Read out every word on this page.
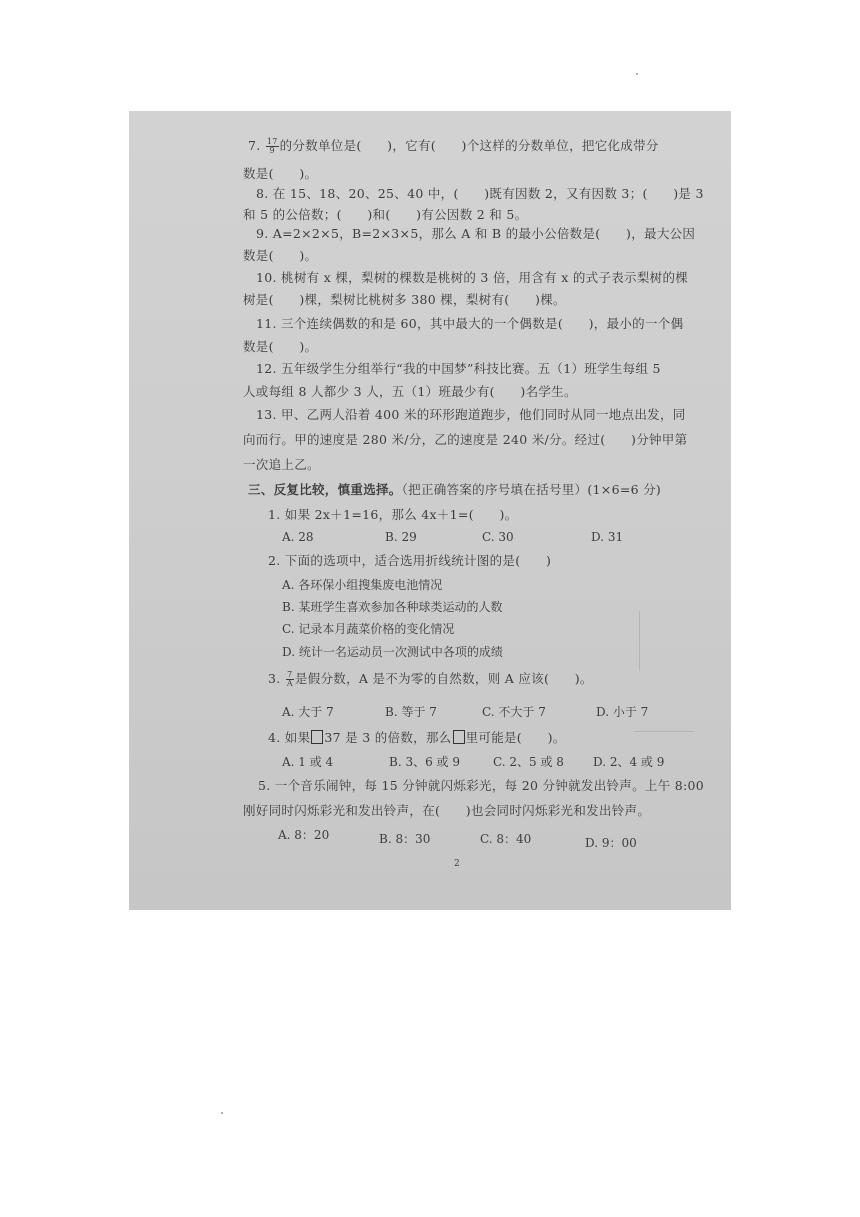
7. $\frac{17}{9}$ 的分数单位是(　　)，它有(　　)个这样的分数单位，把它化成带分
数是(　　)。
8. 在 15、18、20、25、40 中，(　　)既有因数 2，又有因数 3；(　　)是 3
和 5 的公倍数；(　　)和(　　)有公因数 2 和 5。
9. A=2×2×5，B=2×3×5，那么 A 和 B 的最小公倍数是(　　)，最大公因
数是(　　)。
10. 桃树有 x 棵，梨树的棵数是桃树的 3 倍，用含有 x 的式子表示梨树的棵
树是(　　)棵，梨树比桃树多 380 棵，梨树有(　　)棵。
11. 三个连续偶数的和是 60，其中最大的一个偶数是(　　)，最小的一个偶
数是(　　)。
12. 五年级学生分组举行“我的中国梦”科技比赛。五（1）班学生每组 5
人或每组 8 人都少 3 人，五（1）班最少有(　　)名学生。
13. 甲、乙两人沿着 400 米的环形跑道跑步，他们同时从同一地点出发，同
向而行。甲的速度是 280 米/分，乙的速度是 240 米/分。经过(　　)分钟甲第
一次追上乙。
三、反复比较，慎重选择。（把正确答案的序号填在括号里）(1×6=6 分)
1. 如果 2x＋1=16，那么 4x＋1=(　　)。
A. 28	B. 29	C. 30	D. 31
2. 下面的选项中，适合选用折线统计图的是(　　)
A. 各环保小组搜集废电池情况
B. 某班学生喜欢参加各种球类运动的人数
C. 记录本月蔬菜价格的变化情况
D. 统计一名运动员一次测试中各项的成绩
3. $\frac{7}{A}$ 是假分数，A 是不为零的自然数，则 A 应该(　　)。
A. 大于 7	B. 等于 7	C. 不大于 7	D. 小于 7
4. 如果 37 是 3 的倍数，那么 里可能是(　　)。
A. 1 或 4	B. 3、6 或 9	C. 2、5 或 8 D. 2、4 或 9
5. 一个音乐闹钟，每 15 分钟就闪烁彩光，每 20 分钟就发出铃声。上午 8:00
刚好同时闪烁彩光和发出铃声，在(　　)也会同时闪烁彩光和发出铃声。
A. 8：20	B. 8：30	C. 8：40	D. 9：00
2
